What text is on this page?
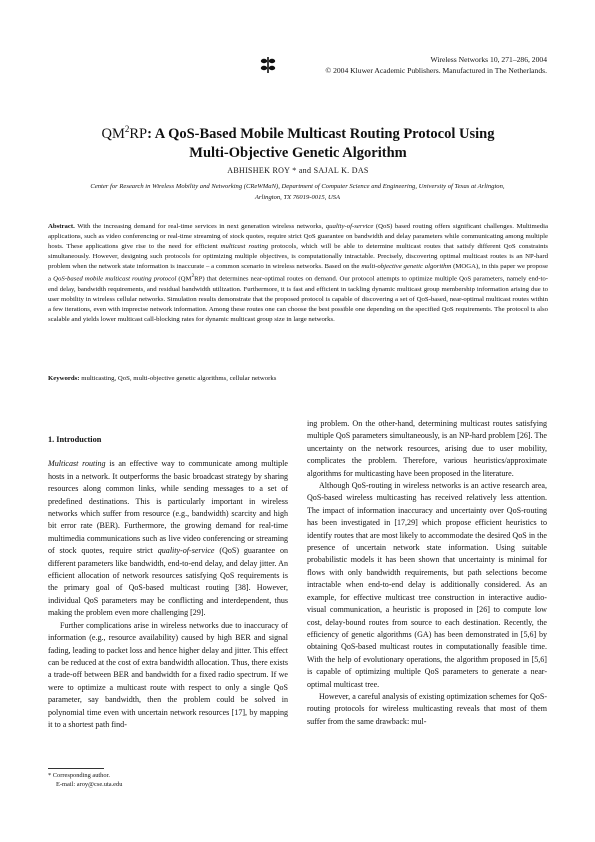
Wireless Networks 10, 271–286, 2004
© 2004 Kluwer Academic Publishers. Manufactured in The Netherlands.
$QM^2RP$: A QoS-Based Mobile Multicast Routing Protocol Using
Multi-Objective Genetic Algorithm
ABHISHEK ROY * and SAJAL K. DAS
Center for Research in Wireless Mobility and Networking (CReWMaN), Department of Computer Science and Engineering, University of Texas at Arlington,
Arlington, TX 76019-0015, USA
Abstract. With the increasing demand for real-time services in next generation wireless networks, quality-of-service (QoS) based routing offers significant challenges. Multimedia applications, such as video conferencing or real-time streaming of stock quotes, require strict QoS guarantee on bandwidth and delay parameters while communicating among multiple hosts. These applications give rise to the need for efficient multicast routing protocols, which will be able to determine multicast routes that satisfy different QoS constraints simultaneously. However, designing such protocols for optimizing multiple objectives, is computationally intractable. Precisely, discovering optimal multicast routes is an NP-hard problem when the network state information is inaccurate – a common scenario in wireless networks. Based on the multi-objective genetic algorithm (MOGA), in this paper we propose a QoS-based mobile multicast routing protocol $(QM^2RP)$ that determines near-optimal routes on demand. Our protocol attempts to optimize multiple QoS parameters, namely end-to-end delay, bandwidth requirements, and residual bandwidth utilization. Furthermore, it is fast and efficient in tackling dynamic multicast group membership information arising due to user mobility in wireless cellular networks. Simulation results demonstrate that the proposed protocol is capable of discovering a set of QoS-based, near-optimal multicast routes within a few iterations, even with imprecise network information. Among these routes one can choose the best possible one depending on the specified QoS requirements. The protocol is also scalable and yields lower multicast call-blocking rates for dynamic multicast group size in large networks.
Keywords: multicasting, QoS, multi-objective genetic algorithms, cellular networks
1. Introduction

Multicast routing is an effective way to communicate among multiple hosts in a network. It outperforms the basic broadcast strategy by sharing resources along common links, while sending messages to a set of predefined destinations. This is particularly important in wireless networks which suffer from resource (e.g., bandwidth) scarcity and high bit error rate (BER). Furthermore, the growing demand for real-time multimedia communications such as live video conferencing or streaming of stock quotes, require strict quality-of-service (QoS) guarantee on different parameters like bandwidth, end-to-end delay, and delay jitter. An efficient allocation of network resources satisfying QoS requirements is the primary goal of QoS-based multicast routing [38]. However, individual QoS parameters may be conflicting and interdependent, thus making the problem even more challenging [29].

Further complications arise in wireless networks due to inaccuracy of information (e.g., resource availability) caused by high BER and signal fading, leading to packet loss and hence higher delay and jitter. This effect can be reduced at the cost of extra bandwidth allocation. Thus, there exists a trade-off between BER and bandwidth for a fixed radio spectrum. If we were to optimize a multicast route with respect to only a single QoS parameter, say bandwidth, then the problem could be solved in polynomial time even with uncertain network resources [17], by mapping it to a shortest path find-

ing problem. On the other-hand, determining multicast routes satisfying multiple QoS parameters simultaneously, is an NP-hard problem [26]. The uncertainty on the network resources, arising due to user mobility, complicates the problem. Therefore, various heuristics/approximate algorithms for multicasting have been proposed in the literature.

Although QoS-routing in wireless networks is an active research area, QoS-based wireless multicasting has received relatively less attention. The impact of information inaccuracy and uncertainty over QoS-routing has been investigated in [17,29] which propose efficient heuristics to identify routes that are most likely to accommodate the desired QoS in the presence of uncertain network state information. Using suitable probabilistic models it has been shown that uncertainty is minimal for flows with only bandwidth requirements, but path selections become intractable when end-to-end delay is additionally considered. As an example, for effective multicast tree construction in interactive audio-visual communication, a heuristic is proposed in [26] to compute low cost, delay-bound routes from source to each destination. Recently, the efficiency of genetic algorithms (GA) has been demonstrated in [5,6] by obtaining QoS-based multicast routes in computationally feasible time. With the help of evolutionary operations, the algorithm proposed in [5,6] is capable of optimizing multiple QoS parameters to generate a near-optimal multicast tree.

However, a careful analysis of existing optimization schemes for QoS-routing protocols for wireless multicasting reveals that most of them suffer from the same drawback: mul-

* Corresponding author.
E-mail: aroy@cse.uta.edu
